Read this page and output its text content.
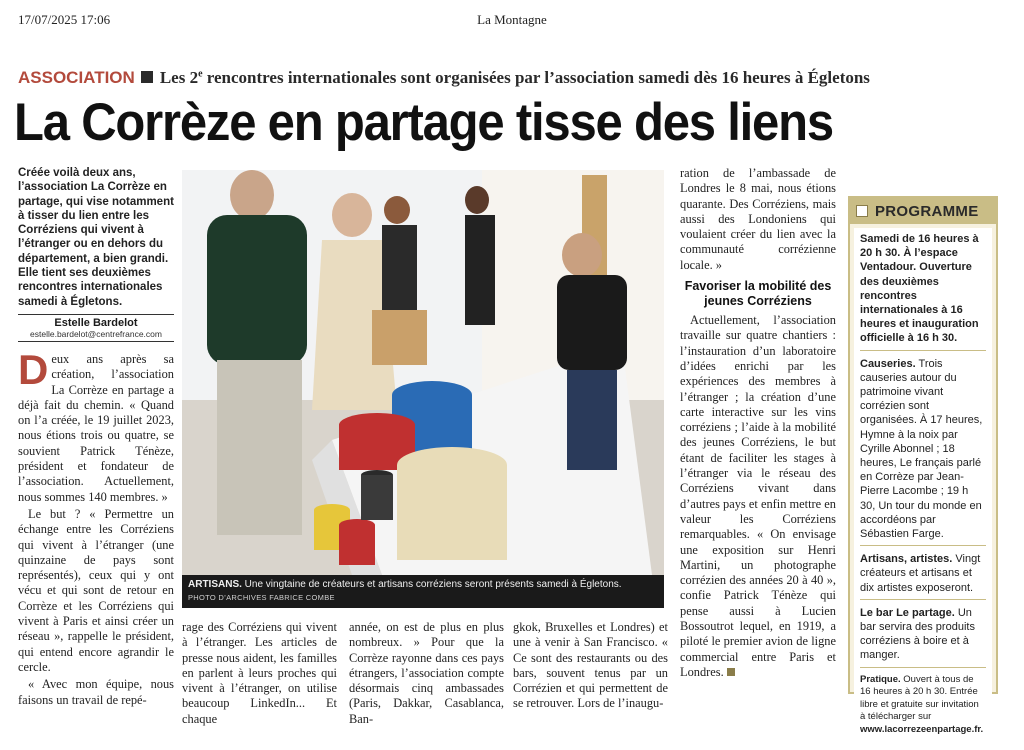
17/07/2025 17:06	La Montagne
ASSOCIATION Les 2e rencontres internationales sont organisées par l’association samedi dès 16 heures à Égletons
La Corrèze en partage tisse des liens
Créée voilà deux ans, l’association La Corrèze en partage, qui vise notamment à tisser du lien entre les Corréziens qui vivent à l’étranger ou en dehors du département, a bien grandi. Elle tient ses deuxièmes rencontres internationales samedi à Égletons.
Estelle Bardelot
estelle.bardelot@centrefrance.com

Deux ans après sa création, l’association La Corrèze en partage a déjà fait du chemin. « Quand on l’a créée, le 19 juillet 2023, nous étions trois ou quatre, se souvient Patrick Ténèze, président et fondateur de l’association. Actuellement, nous sommes 140 membres. »

Le but ? « Permettre un échange entre les Corréziens qui vivent à l’étranger (une quinzaine de pays sont représentés), ceux qui y ont vécu et qui sont de retour en Corrèze et les Corréziens qui vivent à Paris et ainsi créer un réseau », rappelle le président, qui entend encore agrandir le cercle.

« Avec mon équipe, nous faisons un travail de repé-

ARTISANS. Une vingtaine de créateurs et artisans corréziens seront présents samedi à Égletons.
PHOTO D’ARCHIVES FABRICE COMBE
rage des Corréziens qui vivent à l’étranger. Les articles de presse nous aident, les familles en parlent à leurs proches qui vivent à l’étranger, on utilise beaucoup LinkedIn... Et chaque
année, on est de plus en plus nombreux. » Pour que la Corrèze rayonne dans ces pays étrangers, l’association compte désormais cinq ambassades (Paris, Dakkar, Casablanca, Ban-
gkok, Bruxelles et Londres) et une à venir à San Francisco. « Ce sont des restaurants ou des bars, souvent tenus par un Corrézien et qui permettent de se retrouver. Lors de l’inaugu-

ration de l’ambassade de Londres le 8 mai, nous étions quarante. Des Corréziens, mais aussi des Londoniens qui voulaient créer du lien avec la communauté corrézienne locale. »

Favoriser la mobilité des jeunes Corréziens

Actuellement, l’association travaille sur quatre chantiers : l’instauration d’un laboratoire d’idées enrichi par les expériences des membres à l’étranger ; la création d’une carte interactive sur les vins corréziens ; l’aide à la mobilité des jeunes Corréziens, le but étant de faciliter les stages à l’étranger via le réseau des Corréziens vivant dans d’autres pays et enfin mettre en valeur les Corréziens remarquables. « On envisage une exposition sur Henri Martini, un photographe corrézien des années 20 à 40 », confie Patrick Ténèze qui pense aussi à Lucien Bossoutrot lequel, en 1919, a piloté le premier avion de ligne commercial entre Paris et Londres.

PROGRAMME

Samedi de 16 heures à 20 h 30. À l’espace Ventadour. Ouverture des deuxièmes rencontres internationales à 16 heures et inauguration officielle à 16 h 30.

Causeries. Trois causeries autour du patrimoine vivant corrézien sont organisées. À 17 heures, Hymne à la noix par Cyrille Abonnel ; 18 heures, Le français parlé en Corrèze par Jean-Pierre Lacombe ; 19 h 30, Un tour du monde en accordéons par Sébastien Farge.

Artisans, artistes. Vingt créateurs et artisans et dix artistes exposeront.

Le bar Le partage. Un bar servira des produits corréziens à boire et à manger.

Pratique. Ouvert à tous de 16 heures à 20 h 30. Entrée libre et gratuite sur invitation à télécharger sur www.lacorrezeenpartage.fr.
